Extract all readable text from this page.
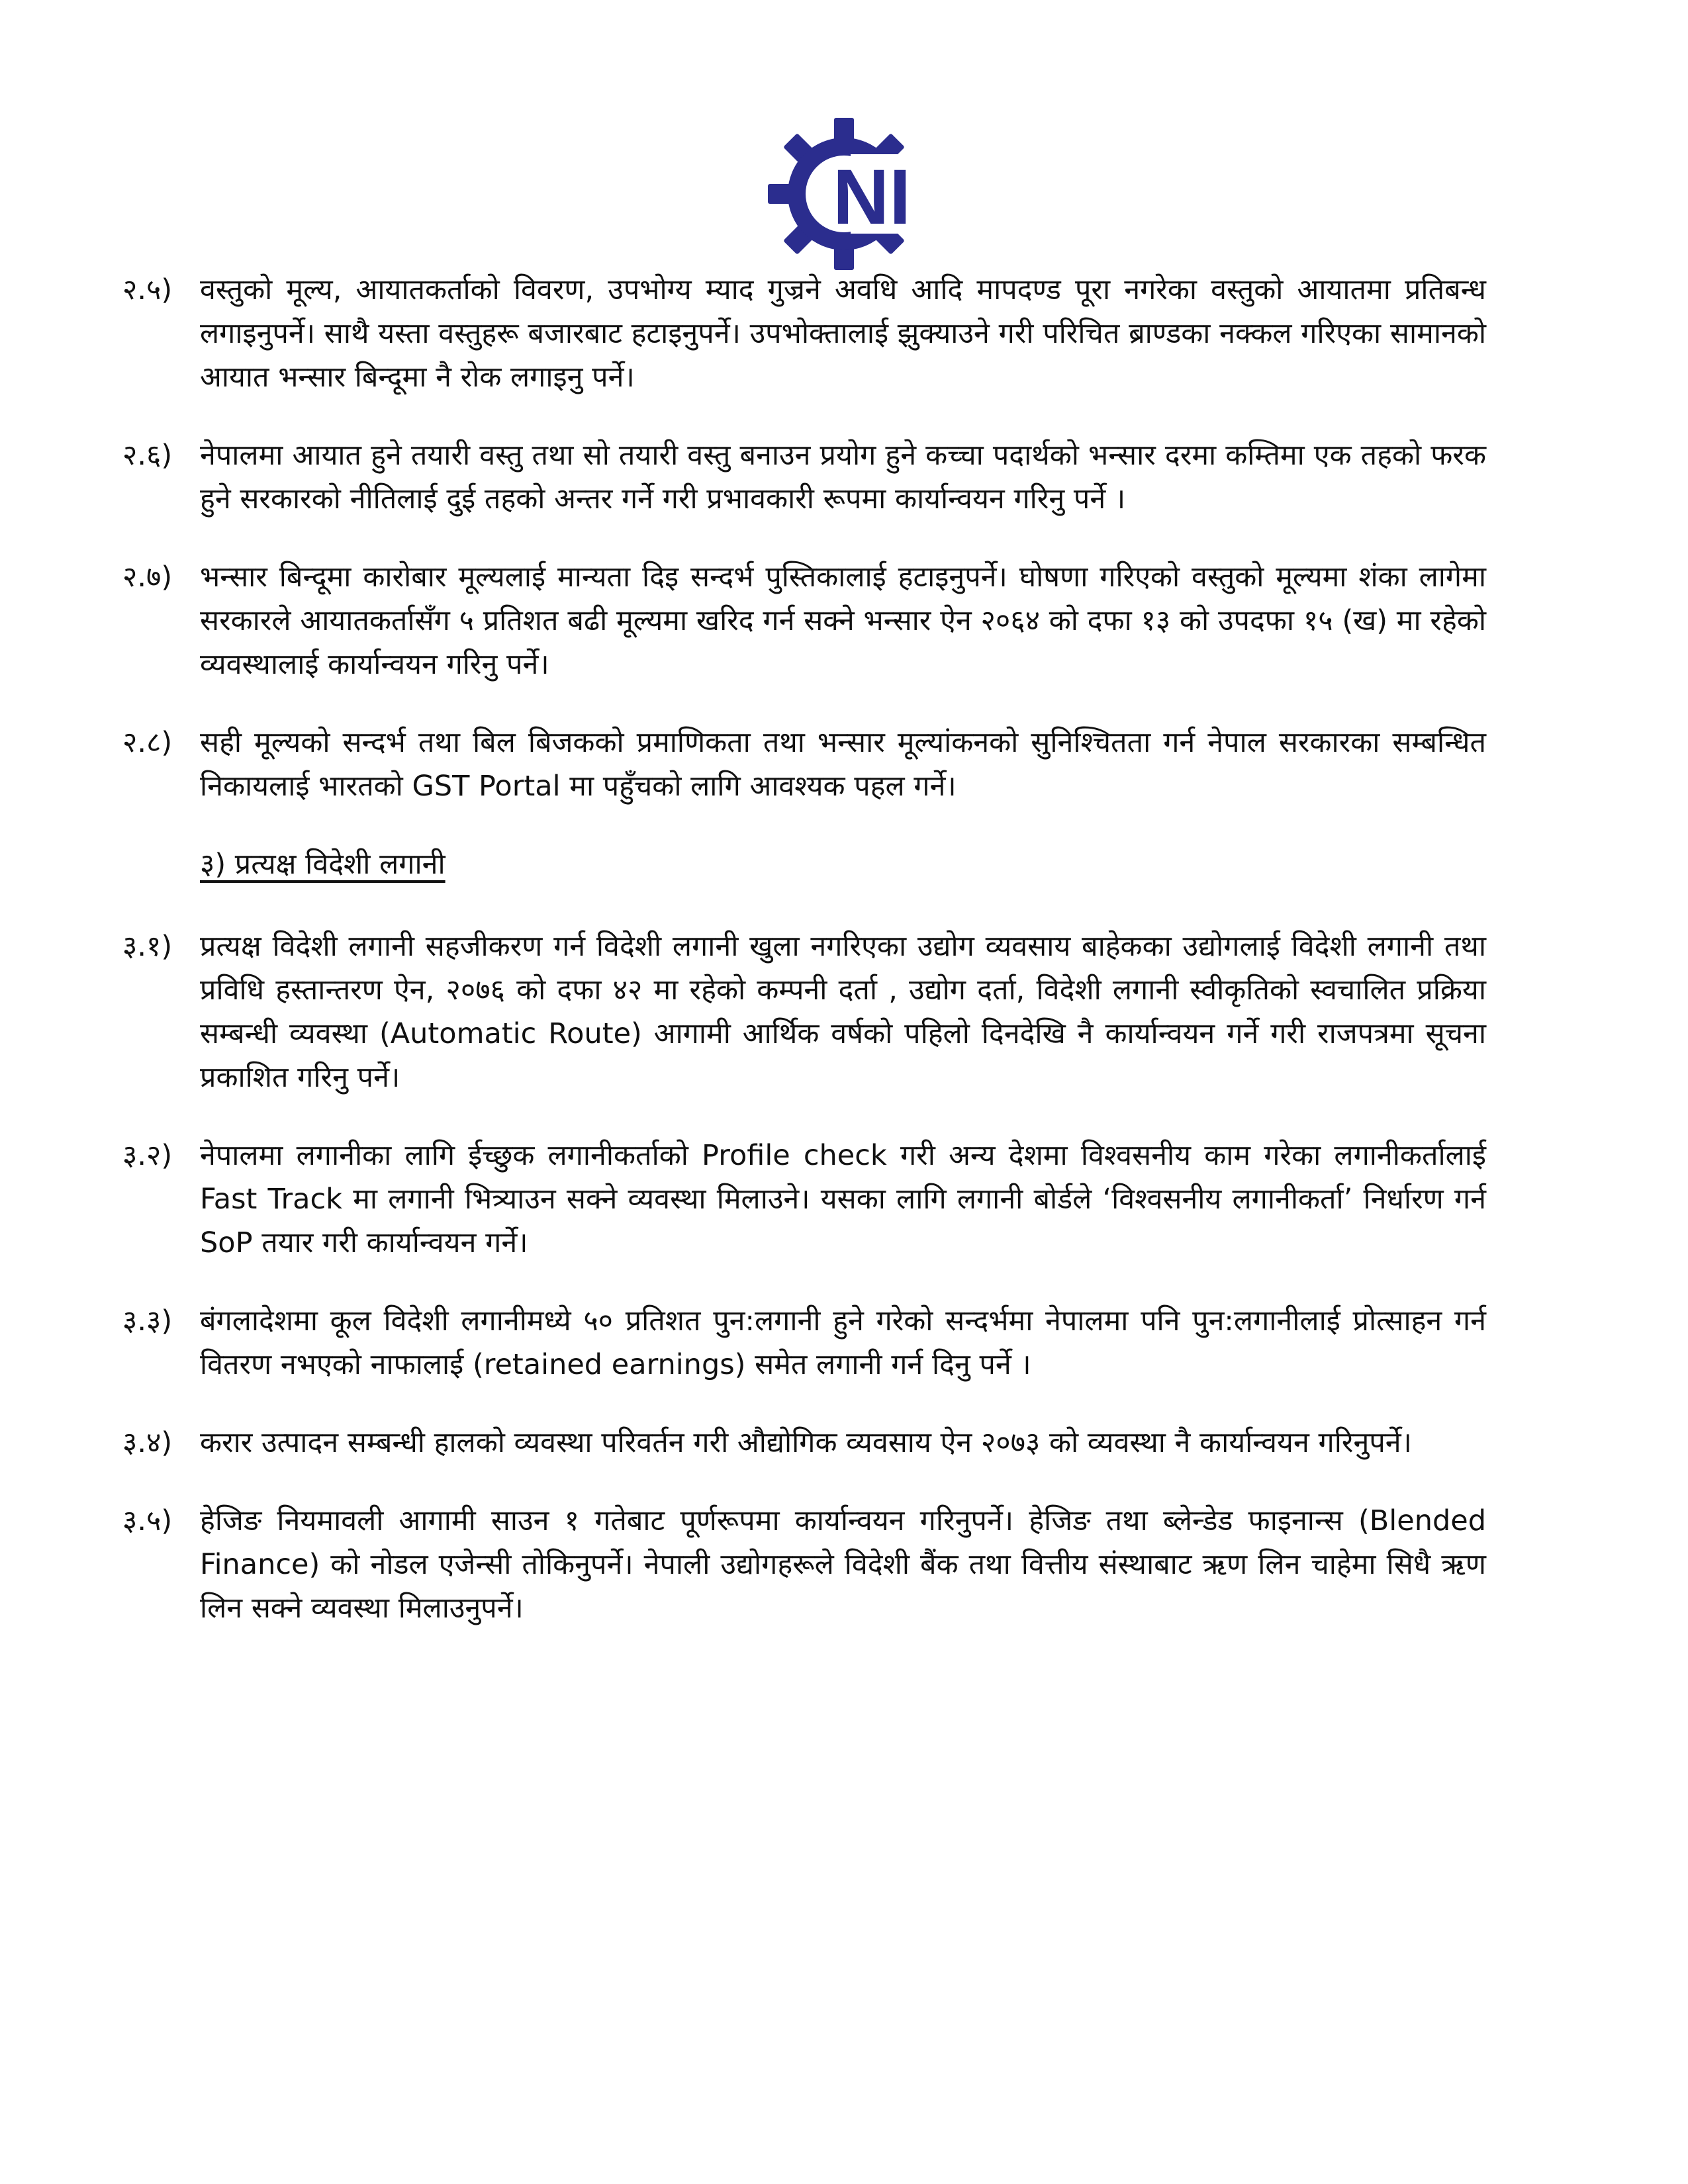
NI
२.५) वस्तुको मूल्य, आयातकर्ताको विवरण, उपभोग्य म्याद गुज्रने अवधि आदि मापदण्ड पूरा नगरेका वस्तुको आयातमा प्रतिबन्ध लगाइनुपर्ने। साथै यस्ता वस्तुहरू बजारबाट हटाइनुपर्ने। उपभोक्तालाई झुक्याउने गरी परिचित ब्राण्डका नक्कल गरिएका सामानको आयात भन्सार बिन्दूमा नै रोक लगाइनु पर्ने।
२.६) नेपालमा आयात हुने तयारी वस्तु तथा सो तयारी वस्तु बनाउन प्रयोग हुने कच्चा पदार्थको भन्सार दरमा कम्तिमा एक तहको फरक हुने सरकारको नीतिलाई दुई तहको अन्तर गर्ने गरी प्रभावकारी रूपमा कार्यान्वयन गरिनु पर्ने ।
२.७) भन्सार बिन्दूमा कारोबार मूल्यलाई मान्यता दिइ सन्दर्भ पुस्तिकालाई हटाइनुपर्ने। घोषणा गरिएको वस्तुको मूल्यमा शंका लागेमा सरकारले आयातकर्तासँग ५ प्रतिशत बढी मूल्यमा खरिद गर्न सक्ने भन्सार ऐन २०६४ को दफा १३ को उपदफा १५ (ख) मा रहेको व्यवस्थालाई कार्यान्वयन गरिनु पर्ने।
२.८) सही मूल्यको सन्दर्भ तथा बिल बिजकको प्रमाणिकता तथा भन्सार मूल्यांकनको सुनिश्चितता गर्न नेपाल सरकारका सम्बन्धित निकायलाई भारतको GST Portal मा पहुँचको लागि आवश्यक पहल गर्ने।
३) प्रत्यक्ष विदेशी लगानी
३.१) प्रत्यक्ष विदेशी लगानी सहजीकरण गर्न विदेशी लगानी खुला नगरिएका उद्योग व्यवसाय बाहेकका उद्योगलाई विदेशी लगानी तथा प्रविधि हस्तान्तरण ऐन, २०७६ को दफा ४२ मा रहेको कम्पनी दर्ता , उद्योग दर्ता, विदेशी लगानी स्वीकृतिको स्वचालित प्रक्रिया सम्बन्धी व्यवस्था (Automatic Route) आगामी आर्थिक वर्षको पहिलो दिनदेखि नै कार्यान्वयन गर्ने गरी राजपत्रमा सूचना प्रकाशित गरिनु पर्ने।
३.२) नेपालमा लगानीका लागि ईच्छुक लगानीकर्ताको Profile check गरी अन्य देशमा विश्वसनीय काम गरेका लगानीकर्तालाई Fast Track मा लगानी भित्र्याउन सक्ने व्यवस्था मिलाउने। यसका लागि लगानी बोर्डले ‘विश्वसनीय लगानीकर्ता’ निर्धारण गर्न SoP तयार गरी कार्यान्वयन गर्ने।
३.३) बंगलादेशमा कूल विदेशी लगानीमध्ये ५० प्रतिशत पुन:लगानी हुने गरेको सन्दर्भमा नेपालमा पनि पुन:लगानीलाई प्रोत्साहन गर्न वितरण नभएको नाफालाई (retained earnings) समेत लगानी गर्न दिनु पर्ने ।
३.४) करार उत्पादन सम्बन्धी हालको व्यवस्था परिवर्तन गरी औद्योगिक व्यवसाय ऐन २०७३ को व्यवस्था नै कार्यान्वयन गरिनुपर्ने।
३.५) हेजिङ नियमावली आगामी साउन १ गतेबाट पूर्णरूपमा कार्यान्वयन गरिनुपर्ने। हेजिङ तथा ब्लेन्डेड फाइनान्स (Blended Finance) को नोडल एजेन्सी तोकिनुपर्ने। नेपाली उद्योगहरूले विदेशी बैंक तथा वित्तीय संस्थाबाट ऋण लिन चाहेमा सिधै ऋण लिन सक्ने व्यवस्था मिलाउनुपर्ने।
